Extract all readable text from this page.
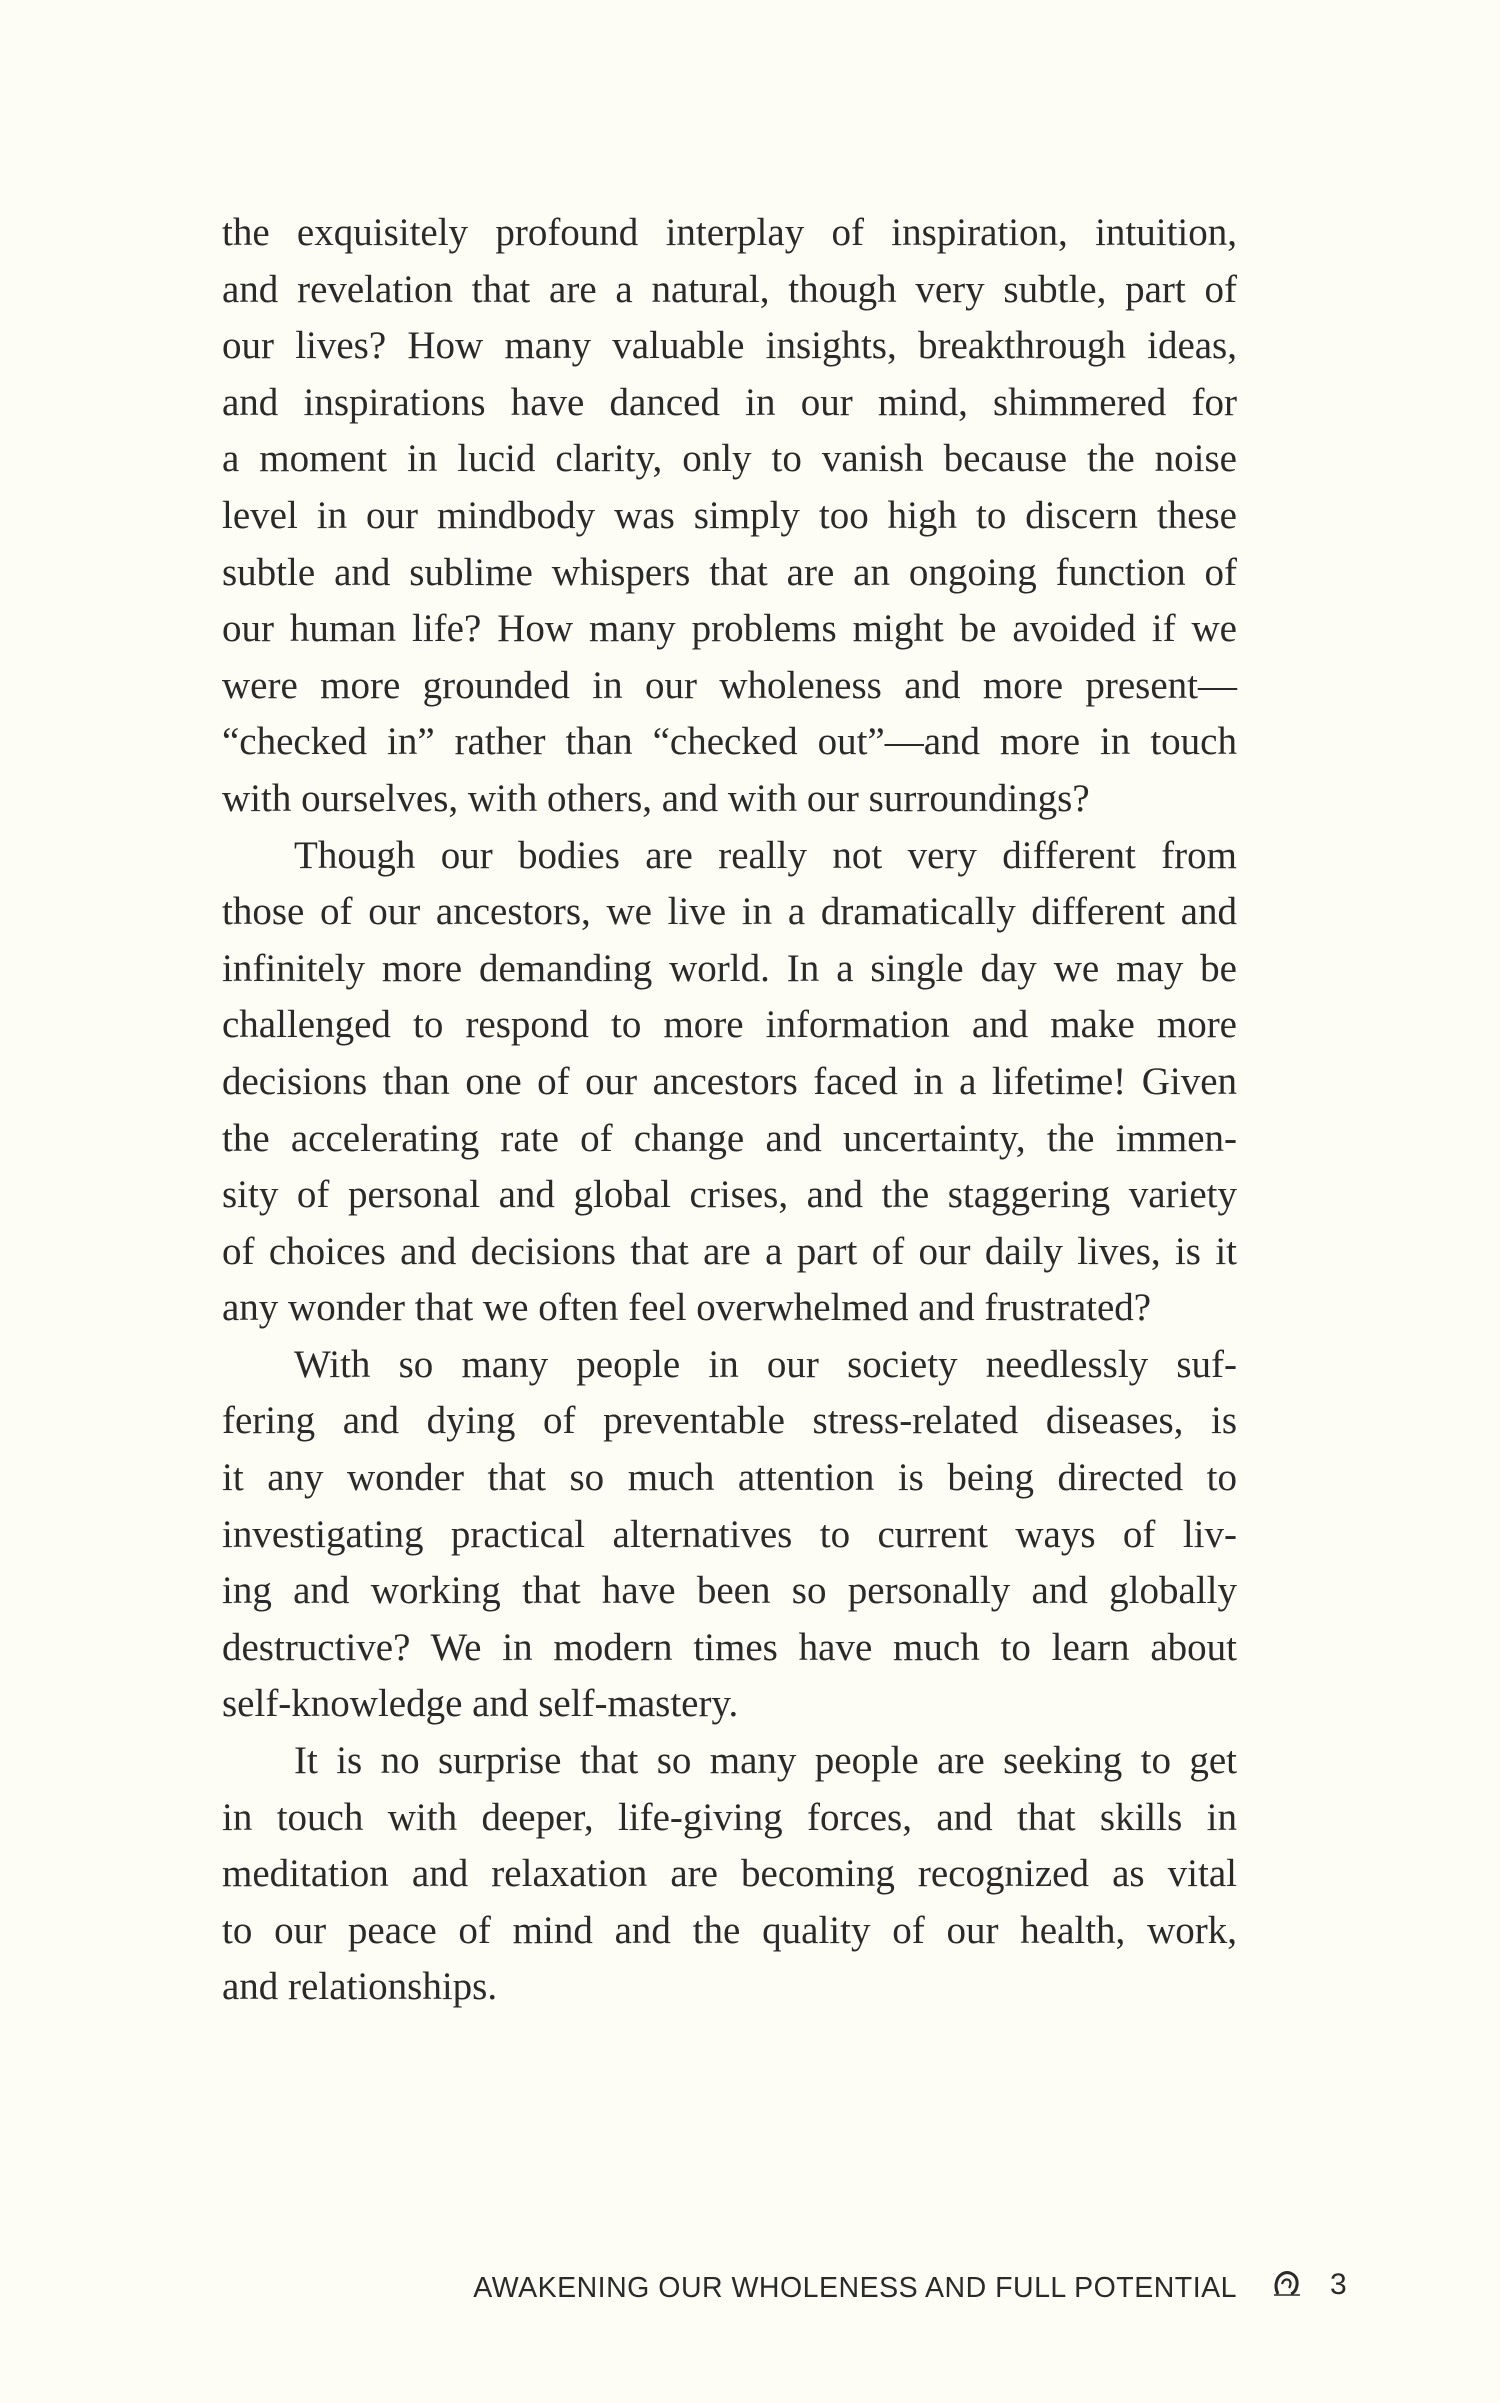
the exquisitely profound interplay of inspiration, intuition,
and revelation that are a natural, though very subtle, part of
our lives? How many valuable insights, breakthrough ideas,
and inspirations have danced in our mind, shimmered for
a moment in lucid clarity, only to vanish because the noise
level in our mindbody was simply too high to discern these
subtle and sublime whispers that are an ongoing function of
our human life? How many problems might be avoided if we
were more grounded in our wholeness and more present—
“checked in” rather than “checked out”—and more in touch
with ourselves, with others, and with our surroundings?
Though our bodies are really not very different from
those of our ancestors, we live in a dramatically different and
infinitely more demanding world. In a single day we may be
challenged to respond to more information and make more
decisions than one of our ancestors faced in a lifetime! Given
the accelerating rate of change and uncertainty, the immen-
sity of personal and global crises, and the staggering variety
of choices and decisions that are a part of our daily lives, is it
any wonder that we often feel overwhelmed and frustrated?
With so many people in our society needlessly suf-
fering and dying of preventable stress-related diseases, is
it any wonder that so much attention is being directed to
investigating practical alternatives to current ways of liv-
ing and working that have been so personally and globally
destructive? We in modern times have much to learn about
self-knowledge and self-mastery.
It is no surprise that so many people are seeking to get
in touch with deeper, life-giving forces, and that skills in
meditation and relaxation are becoming recognized as vital
to our peace of mind and the quality of our health, work,
and relationships.
AWAKENING OUR WHOLENESS AND FULL POTENTIAL	3
